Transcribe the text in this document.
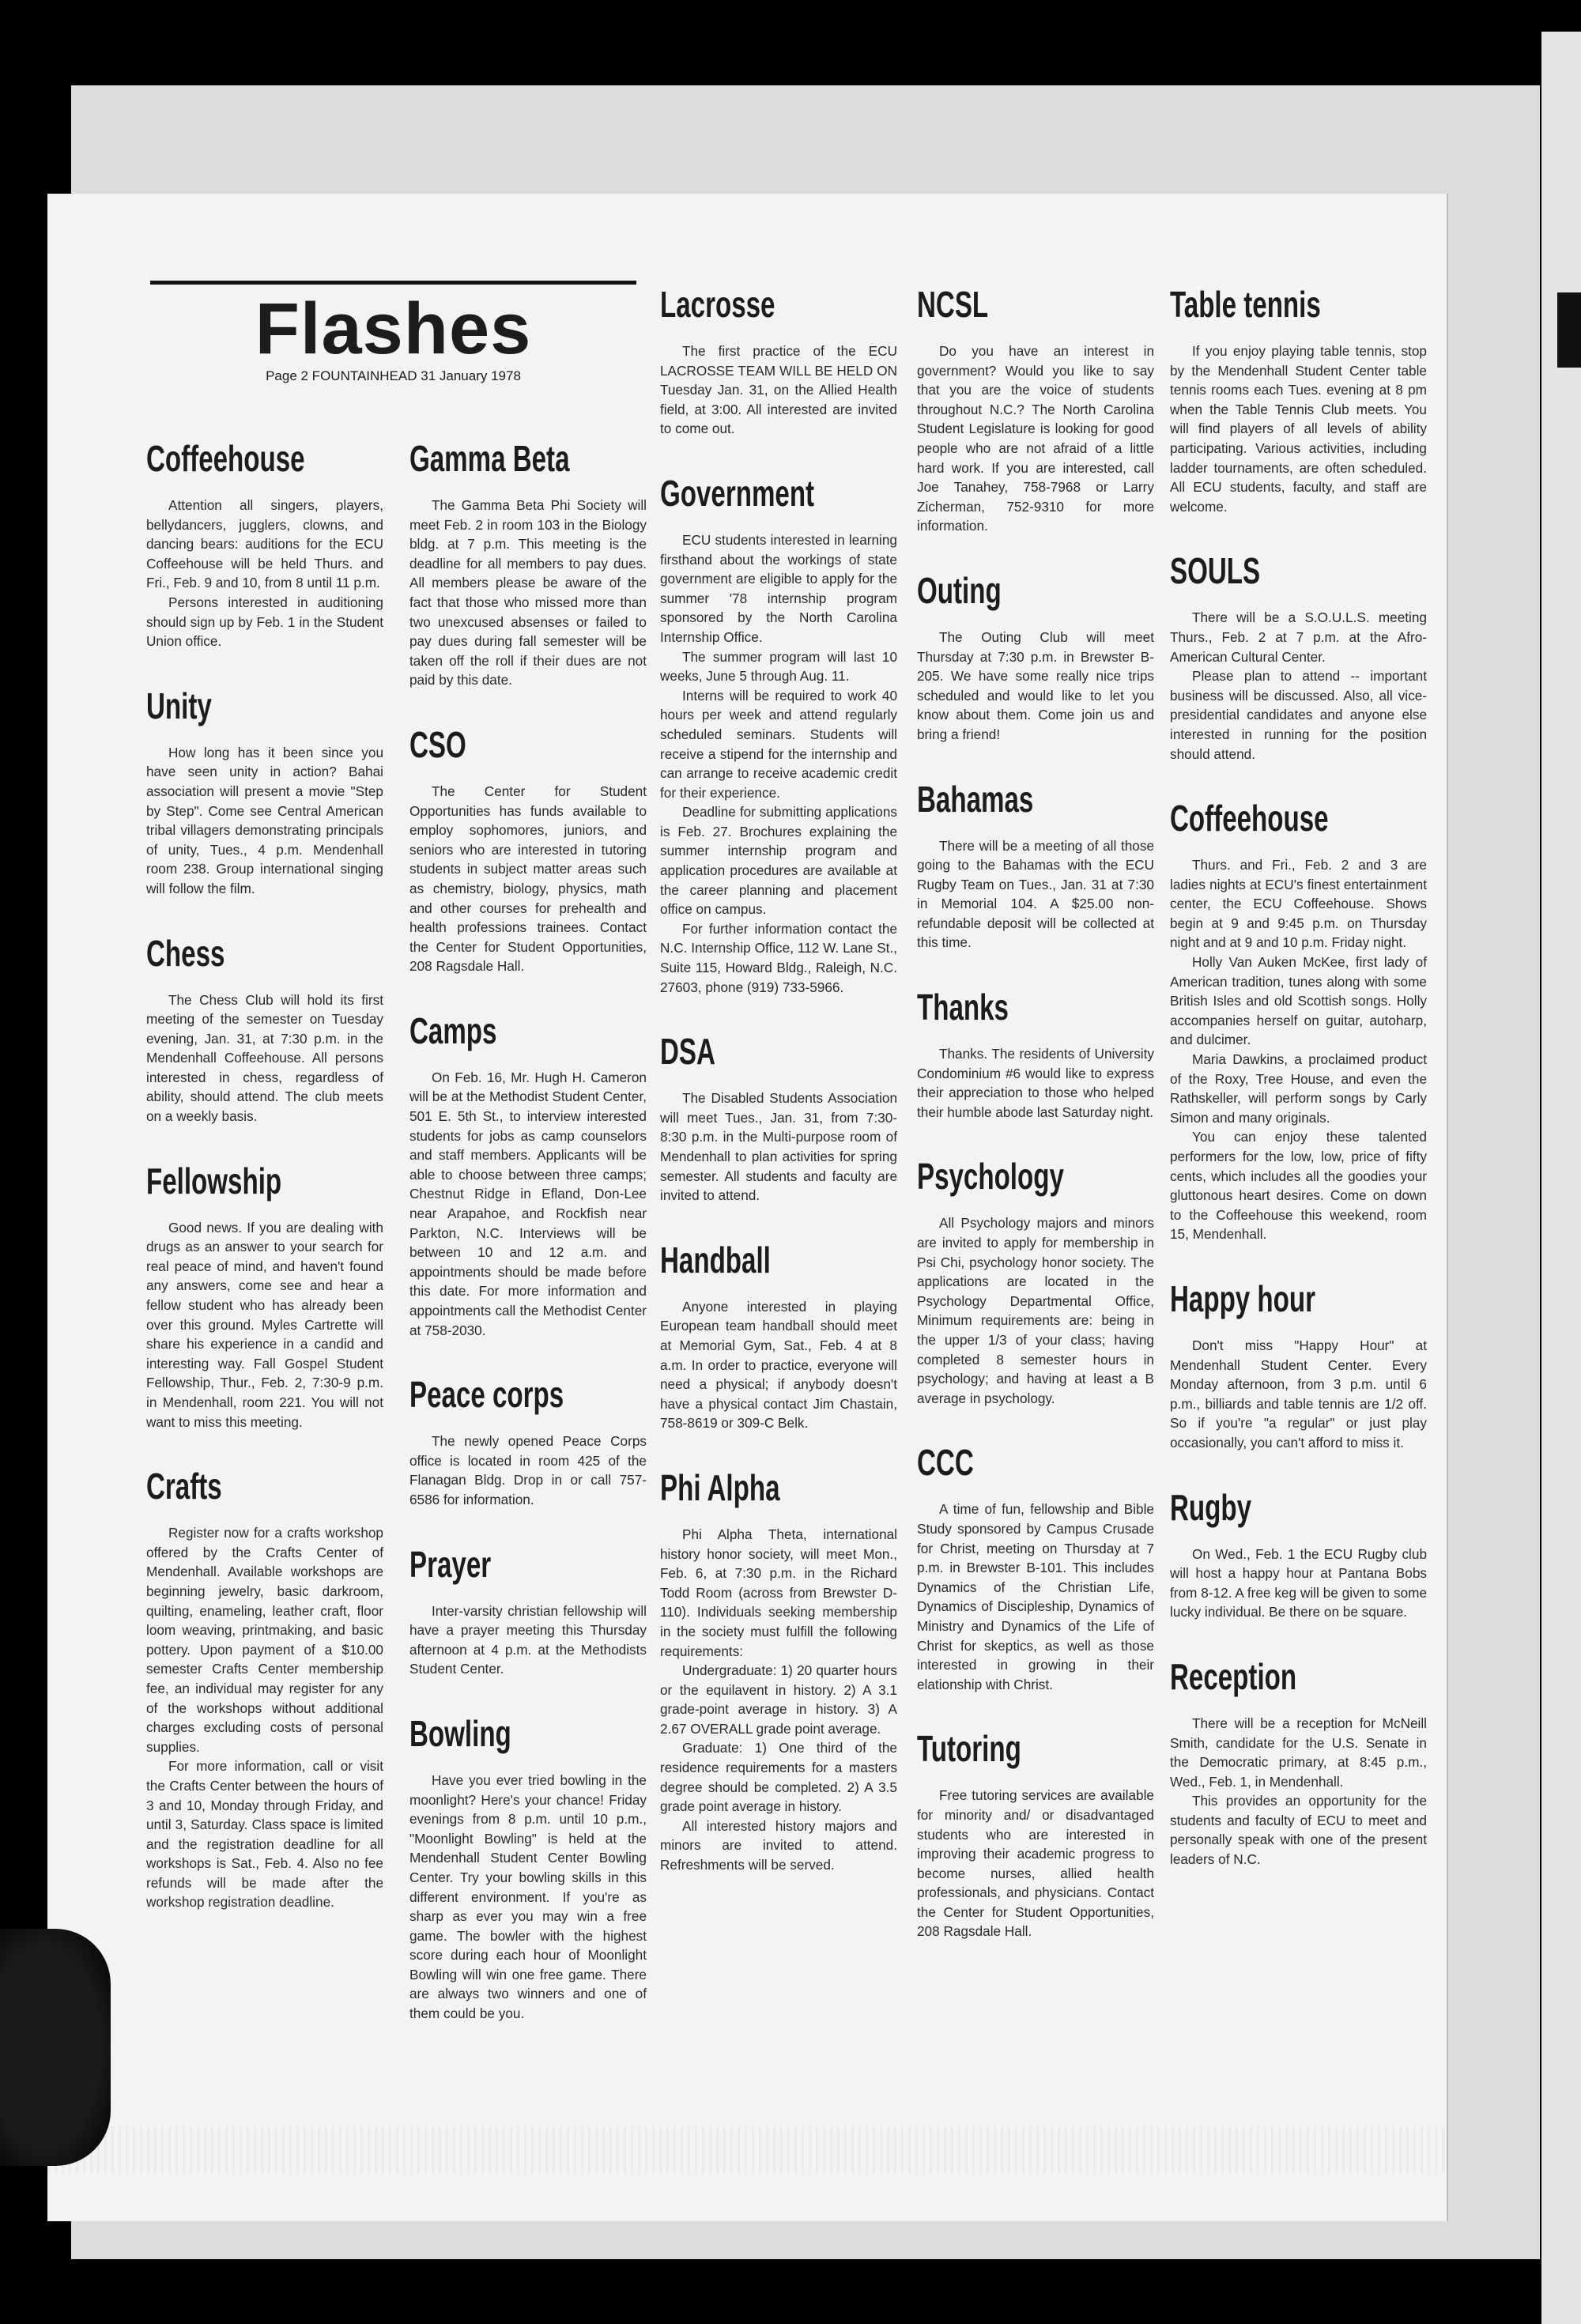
Flashes
Page 2 FOUNTAINHEAD 31 January 1978
Coffeehouse

Attention all singers, players, bellydancers, jugglers, clowns, and dancing bears: auditions for the ECU Coffeehouse will be held Thurs. and Fri., Feb. 9 and 10, from 8 until 11 p.m.

Persons interested in auditioning should sign up by Feb. 1 in the Student Union office.

Unity

How long has it been since you have seen unity in action? Bahai association will present a movie "Step by Step". Come see Central American tribal villagers demonstrating principals of unity, Tues., 4 p.m. Mendenhall room 238. Group international singing will follow the film.

Chess

The Chess Club will hold its first meeting of the semester on Tuesday evening, Jan. 31, at 7:30 p.m. in the Mendenhall Coffeehouse. All persons interested in chess, regardless of ability, should attend. The club meets on a weekly basis.

Fellowship

Good news. If you are dealing with drugs as an answer to your search for real peace of mind, and haven't found any answers, come see and hear a fellow student who has already been over this ground. Myles Cartrette will share his experience in a candid and interesting way. Fall Gospel Student Fellowship, Thur., Feb. 2, 7:30-9 p.m. in Mendenhall, room 221. You will not want to miss this meeting.

Crafts

Register now for a crafts workshop offered by the Crafts Center of Mendenhall. Available workshops are beginning jewelry, basic darkroom, quilting, enameling, leather craft, floor loom weaving, printmaking, and basic pottery. Upon payment of a $10.00 semester Crafts Center membership fee, an individual may register for any of the workshops without additional charges excluding costs of personal supplies.

For more information, call or visit the Crafts Center between the hours of 3 and 10, Monday through Friday, and until 3, Saturday. Class space is limited and the registration deadline for all workshops is Sat., Feb. 4. Also no fee refunds will be made after the workshop registration deadline.

Gamma Beta

The Gamma Beta Phi Society will meet Feb. 2 in room 103 in the Biology bldg. at 7 p.m. This meeting is the deadline for all members to pay dues. All members please be aware of the fact that those who missed more than two unexcused absenses or failed to pay dues during fall semester will be taken off the roll if their dues are not paid by this date.

CSO

The Center for Student Opportunities has funds available to employ sophomores, juniors, and seniors who are interested in tutoring students in subject matter areas such as chemistry, biology, physics, math and other courses for prehealth and health professions trainees. Contact the Center for Student Opportunities, 208 Ragsdale Hall.

Camps

On Feb. 16, Mr. Hugh H. Cameron will be at the Methodist Student Center, 501 E. 5th St., to interview interested students for jobs as camp counselors and staff members. Applicants will be able to choose between three camps; Chestnut Ridge in Efland, Don-Lee near Arapahoe, and Rockfish near Parkton, N.C. Interviews will be between 10 and 12 a.m. and appointments should be made before this date. For more information and appointments call the Methodist Center at 758-2030.

Peace corps

The newly opened Peace Corps office is located in room 425 of the Flanagan Bldg. Drop in or call 757-6586 for information.

Prayer

Inter-varsity christian fellowship will have a prayer meeting this Thursday afternoon at 4 p.m. at the Methodists Student Center.

Bowling

Have you ever tried bowling in the moonlight? Here's your chance! Friday evenings from 8 p.m. until 10 p.m., "Moonlight Bowling" is held at the Mendenhall Student Center Bowling Center. Try your bowling skills in this different environment. If you're as sharp as ever you may win a free game. The bowler with the highest score during each hour of Moonlight Bowling will win one free game. There are always two winners and one of them could be you.

Lacrosse

The first practice of the ECU LACROSSE TEAM WILL BE HELD ON Tuesday Jan. 31, on the Allied Health field, at 3:00. All interested are invited to come out.

Government

ECU students interested in learning firsthand about the workings of state government are eligible to apply for the summer '78 internship program sponsored by the North Carolina Internship Office.

The summer program will last 10 weeks, June 5 through Aug. 11.

Interns will be required to work 40 hours per week and attend regularly scheduled seminars. Students will receive a stipend for the internship and can arrange to receive academic credit for their experience.

Deadline for submitting applications is Feb. 27. Brochures explaining the summer internship program and application procedures are available at the career planning and placement office on campus.

For further information contact the N.C. Internship Office, 112 W. Lane St., Suite 115, Howard Bldg., Raleigh, N.C. 27603, phone (919) 733-5966.

DSA

The Disabled Students Association will meet Tues., Jan. 31, from 7:30-8:30 p.m. in the Multi-purpose room of Mendenhall to plan activities for spring semester. All students and faculty are invited to attend.

Handball

Anyone interested in playing European team handball should meet at Memorial Gym, Sat., Feb. 4 at 8 a.m. In order to practice, everyone will need a physical; if anybody doesn't have a physical contact Jim Chastain, 758-8619 or 309-C Belk.

Phi Alpha

Phi Alpha Theta, international history honor society, will meet Mon., Feb. 6, at 7:30 p.m. in the Richard Todd Room (across from Brewster D-110). Individuals seeking membership in the society must fulfill the following requirements:

Undergraduate: 1) 20 quarter hours or the equilavent in history. 2) A 3.1 grade-point average in history. 3) A 2.67 OVERALL grade point average.

Graduate: 1) One third of the residence requirements for a masters degree should be completed. 2) A 3.5 grade point average in history.

All interested history majors and minors are invited to attend. Refreshments will be served.

NCSL

Do you have an interest in government? Would you like to say that you are the voice of students throughout N.C.? The North Carolina Student Legislature is looking for good people who are not afraid of a little hard work. If you are interested, call Joe Tanahey, 758-7968 or Larry Zicherman, 752-9310 for more information.

Outing

The Outing Club will meet Thursday at 7:30 p.m. in Brewster B-205. We have some really nice trips scheduled and would like to let you know about them. Come join us and bring a friend!

Bahamas

There will be a meeting of all those going to the Bahamas with the ECU Rugby Team on Tues., Jan. 31 at 7:30 in Memorial 104. A $25.00 non-refundable deposit will be collected at this time.

Thanks

Thanks. The residents of University Condominium #6 would like to express their appreciation to those who helped their humble abode last Saturday night.

Psychology

All Psychology majors and minors are invited to apply for membership in Psi Chi, psychology honor society. The applications are located in the Psychology Departmental Office, Minimum requirements are: being in the upper 1/3 of your class; having completed 8 semester hours in psychology; and having at least a B average in psychology.

CCC

A time of fun, fellowship and Bible Study sponsored by Campus Crusade for Christ, meeting on Thursday at 7 p.m. in Brewster B-101. This includes Dynamics of the Christian Life, Dynamics of Discipleship, Dynamics of Ministry and Dynamics of the Life of Christ for skeptics, as well as those interested in growing in their elationship with Christ.

Tutoring

Free tutoring services are available for minority and/ or disadvantaged students who are interested in improving their academic progress to become nurses, allied health professionals, and physicians. Contact the Center for Student Opportunities, 208 Ragsdale Hall.

Table tennis

If you enjoy playing table tennis, stop by the Mendenhall Student Center table tennis rooms each Tues. evening at 8 pm when the Table Tennis Club meets. You will find players of all levels of ability participating. Various activities, including ladder tournaments, are often scheduled. All ECU students, faculty, and staff are welcome.

SOULS

There will be a S.O.U.L.S. meeting Thurs., Feb. 2 at 7 p.m. at the Afro-American Cultural Center.

Please plan to attend -- important business will be discussed. Also, all vice-presidential candidates and anyone else interested in running for the position should attend.

Coffeehouse

Thurs. and Fri., Feb. 2 and 3 are ladies nights at ECU's finest entertainment center, the ECU Coffeehouse. Shows begin at 9 and 9:45 p.m. on Thursday night and at 9 and 10 p.m. Friday night.

Holly Van Auken McKee, first lady of American tradition, tunes along with some British Isles and old Scottish songs. Holly accompanies herself on guitar, autoharp, and dulcimer.

Maria Dawkins, a proclaimed product of the Roxy, Tree House, and even the Rathskeller, will perform songs by Carly Simon and many originals.

You can enjoy these talented performers for the low, low, price of fifty cents, which includes all the goodies your gluttonous heart desires. Come on down to the Coffeehouse this weekend, room 15, Mendenhall.

Happy hour

Don't miss "Happy Hour" at Mendenhall Student Center. Every Monday afternoon, from 3 p.m. until 6 p.m., billiards and table tennis are 1/2 off. So if you're "a regular" or just play occasionally, you can't afford to miss it.

Rugby

On Wed., Feb. 1 the ECU Rugby club will host a happy hour at Pantana Bobs from 8-12. A free keg will be given to some lucky individual. Be there on be square.

Reception

There will be a reception for McNeill Smith, candidate for the U.S. Senate in the Democratic primary, at 8:45 p.m., Wed., Feb. 1, in Mendenhall.

This provides an opportunity for the students and faculty of ECU to meet and personally speak with one of the present leaders of N.C.
